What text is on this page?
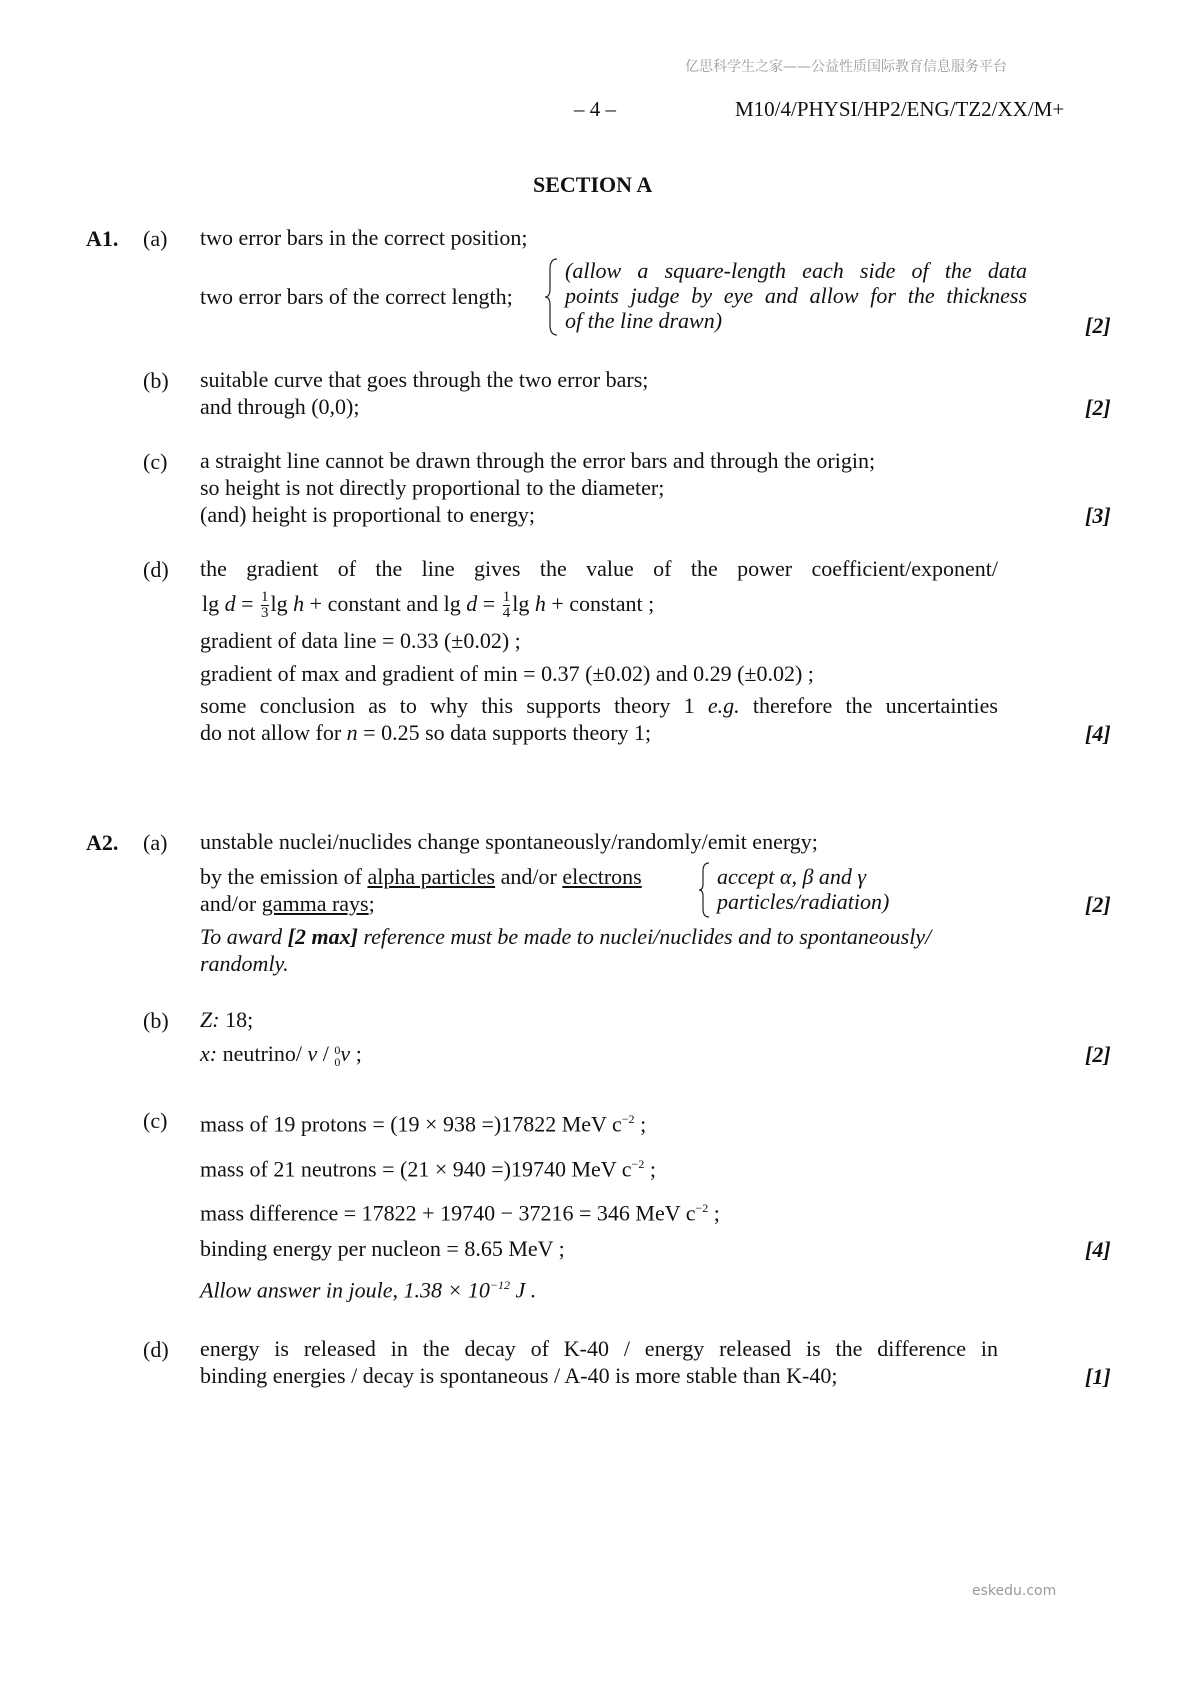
亿思科学生之家——公益性质国际教育信息服务平台
– 4 –	M10/4/PHYSI/HP2/ENG/TZ2/XX/M+
SECTION A
A1. (a) two error bars in the correct position;
two error bars of the correct length;
(allow a square-length each side of the data
points judge by eye and allow for the thickness
of the line drawn)	[2]
(b) suitable curve that goes through the two error bars;
and through (0,0);	[2]
(c) a straight line cannot be drawn through the error bars and through the origin;
so height is not directly proportional to the diameter;
(and) height is proportional to energy;	[3]
(d) the gradient of the line gives the value of the power coefficient/exponent/
$\lg d = \frac{1}{3}$ lg h + constant and $\lg d = \frac{1}{4}$ lg h + constant ;
gradient of data line = 0.33 (±0.02) ;
gradient of max and gradient of min = 0.37 (±0.02) and 0.29 (±0.02) ;
some conclusion as to why this supports theory 1 e.g. therefore the uncertainties
do not allow for n = 0.25 so data supports theory 1;	[4]
A2. (a) unstable nuclei/nuclides change spontaneously/randomly/emit energy;
by the emission of alpha particles and/or electrons
and/or gamma rays;
accept α, β and γ
particles/radiation)	[2]
To award [2 max] reference must be made to nuclei/nuclides and to spontaneously/
randomly.
(b) Z: 18;
x: neutrino/ ν / 0
0 ν ;	[2]
(c) mass of 19 protons = (19 × 938 =)17822 MeV $c^{-2}$ ;
mass of 21 neutrons = (21 × 940 =)19740 MeV $c^{-2}$ ;
mass difference = 17822 + 19740 − 37216 = 346 MeV $c^{-2}$ ;
binding energy per nucleon = 8.65 MeV ;	[4]
Allow answer in joule, $1.38 \times 10^{-12}$ J .
(d) energy is released in the decay of K-40 / energy released is the difference in
binding energies / decay is spontaneous / A-40 is more stable than K-40;	[1]
eskedu.com
